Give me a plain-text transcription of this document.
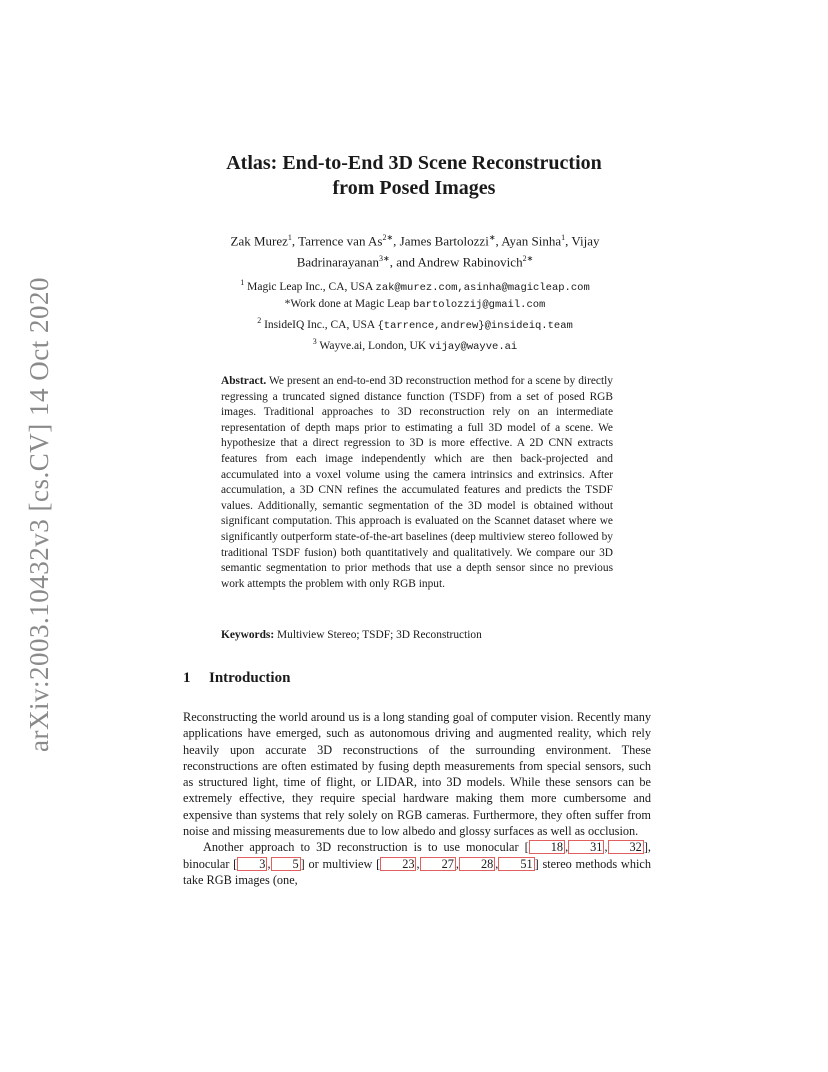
arXiv:2003.10432v3 [cs.CV] 14 Oct 2020
Atlas: End-to-End 3D Scene Reconstruction
from Posed Images
Zak Murez$^1$, Tarrence van $As^{2∗}$, James Bartolozzi∗, Ayan Sinha$^1$, Vijay
Badrinarayanan$^{3∗}$, and Andrew Rabinovich$^{2∗}$
$^1$ Magic Leap Inc., CA, USA zak@murez.com,asinha@magicleap.com
*Work done at Magic Leap bartolozzij@gmail.com
$^2$ InsideIQ Inc., CA, USA {tarrence,andrew}@insideiq.team
$^3$ Wayve.ai, London, UK vijay@wayve.ai
Abstract. We present an end-to-end 3D reconstruction method for a scene by directly regressing a truncated signed distance function (TSDF) from a set of posed RGB images. Traditional approaches to 3D reconstruction rely on an intermediate representation of depth maps prior to estimating a full 3D model of a scene. We hypothesize that a direct regression to 3D is more effective. A 2D CNN extracts features from each image independently which are then back-projected and accumulated into a voxel volume using the camera intrinsics and extrinsics. After accumulation, a 3D CNN refines the accumulated features and predicts the TSDF values. Additionally, semantic segmentation of the 3D model is obtained without significant computation. This approach is evaluated on the Scannet dataset where we significantly outperform state-of-the-art baselines (deep multiview stereo followed by traditional TSDF fusion) both quantitatively and qualitatively. We compare our 3D semantic segmentation to prior methods that use a depth sensor since no previous work attempts the problem with only RGB input.
Keywords: Multiview Stereo; TSDF; 3D Reconstruction
1 Introduction

Reconstructing the world around us is a long standing goal of computer vision. Recently many applications have emerged, such as autonomous driving and augmented reality, which rely heavily upon accurate 3D reconstructions of the surrounding environment. These reconstructions are often estimated by fusing depth measurements from special sensors, such as structured light, time of flight, or LIDAR, into 3D models. While these sensors can be extremely effective, they require special hardware making them more cumbersome and expensive than systems that rely solely on RGB cameras. Furthermore, they often suffer from noise and missing measurements due to low albedo and glossy surfaces as well as occlusion.

Another approach to 3D reconstruction is to use monocular [ 18 , 31 , 32 ], binocular [ 3 , 5 ] or multiview [ 23 , 27 , 28 , 51 ] stereo methods which take RGB images (one,
